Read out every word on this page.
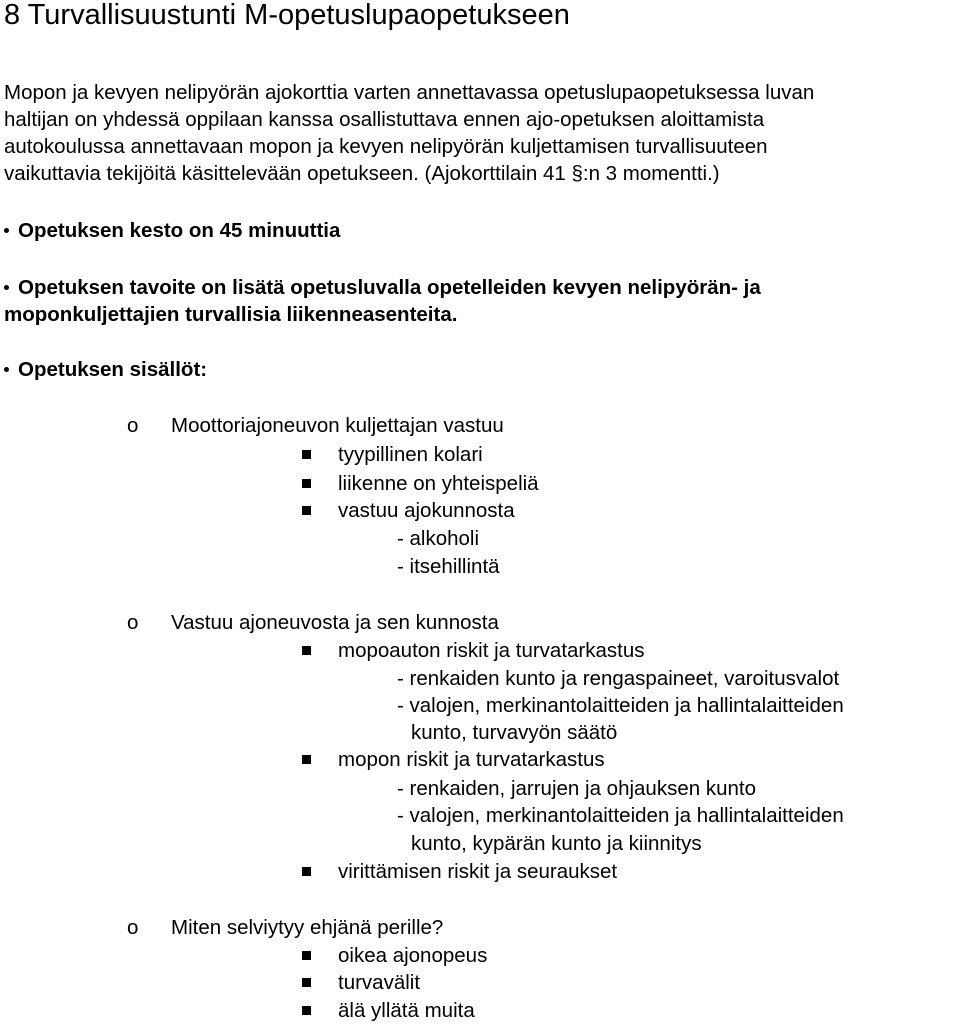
8 Turvallisuustunti M-opetuslupaopetukseen
Mopon ja kevyen nelipyörän ajokorttia varten annettavassa opetuslupaopetuksessa luvan
haltijan on yhdessä oppilaan kanssa osallistuttava ennen ajo-opetuksen aloittamista
autokoulussa annettavaan mopon ja kevyen nelipyörän kuljettamisen turvallisuuteen
vaikuttavia tekijöitä käsittelevään opetukseen. (Ajokorttilain 41 §:n 3 momentti.)
Opetuksen kesto on 45 minuuttia
Opetuksen tavoite on lisätä opetusluvalla opetelleiden kevyen nelipyörän- ja
moponkuljettajien turvallisia liikenneasenteita.
Opetuksen sisällöt:
o Moottoriajoneuvon kuljettajan vastuu
tyypillinen kolari
liikenne on yhteispeliä
vastuu ajokunnosta
- alkoholi
- itsehillintä
o Vastuu ajoneuvosta ja sen kunnosta
mopoauton riskit ja turvatarkastus
- renkaiden kunto ja rengaspaineet, varoitusvalot
- valojen, merkinantolaitteiden ja hallintalaitteiden
kunto, turvavyön säätö
mopon riskit ja turvatarkastus
- renkaiden, jarrujen ja ohjauksen kunto
- valojen, merkinantolaitteiden ja hallintalaitteiden
kunto, kypärän kunto ja kiinnitys
virittämisen riskit ja seuraukset
o Miten selviytyy ehjänä perille?
oikea ajonopeus
turvavälit
älä yllätä muita
